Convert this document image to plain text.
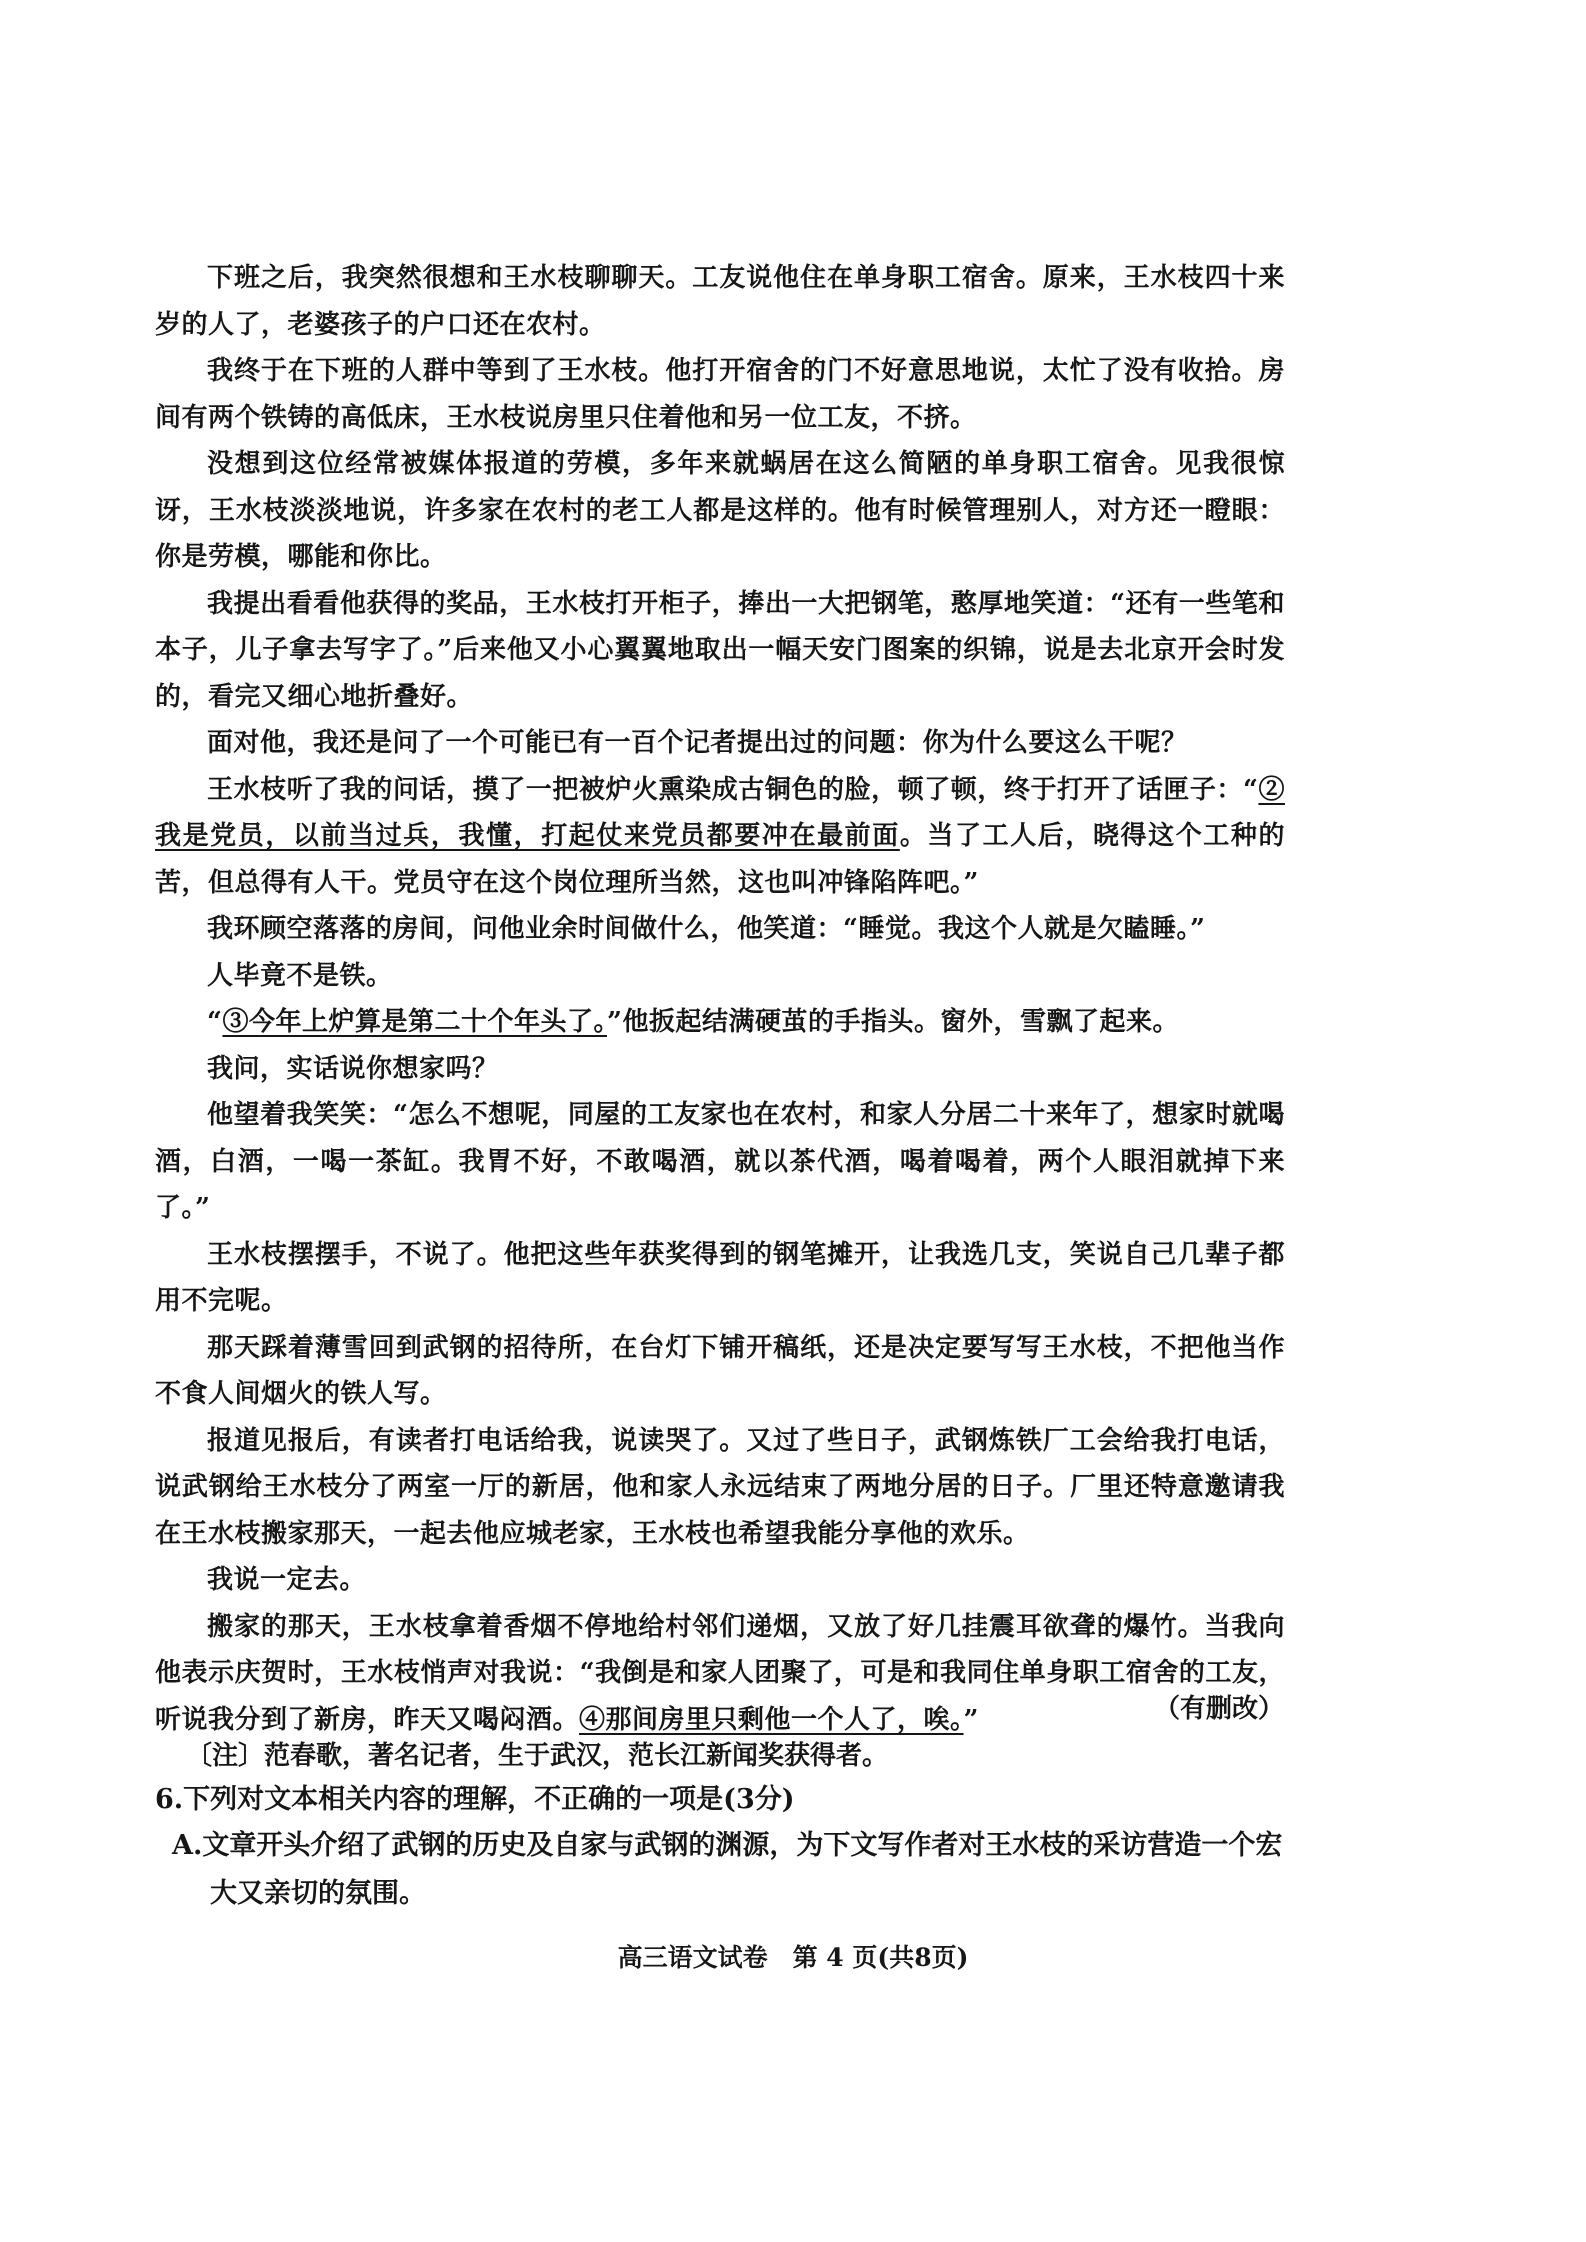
下班之后，我突然很想和王水枝聊聊天。工友说他住在单身职工宿舍。原来，王水枝四十来岁的人了，老婆孩子的户口还在农村。

我终于在下班的人群中等到了王水枝。他打开宿舍的门不好意思地说，太忙了没有收拾。房间有两个铁铸的高低床，王水枝说房里只住着他和另一位工友，不挤。

没想到这位经常被媒体报道的劳模，多年来就蜗居在这么简陋的单身职工宿舍。见我很惊讶，王水枝淡淡地说，许多家在农村的老工人都是这样的。他有时候管理别人，对方还一瞪眼：你是劳模，哪能和你比。

我提出看看他获得的奖品，王水枝打开柜子，捧出一大把钢笔，憨厚地笑道：“还有一些笔和本子，儿子拿去写字了。”后来他又小心翼翼地取出一幅天安门图案的织锦，说是去北京开会时发的，看完又细心地折叠好。

面对他，我还是问了一个可能已有一百个记者提出过的问题：你为什么要这么干呢？

王水枝听了我的问话，摸了一把被炉火熏染成古铜色的脸，顿了顿，终于打开了话匣子：“②我是党员，以前当过兵，我懂，打起仗来党员都要冲在最前面。当了工人后，晓得这个工种的苦，但总得有人干。党员守在这个岗位理所当然，这也叫冲锋陷阵吧。”

我环顾空落落的房间，问他业余时间做什么，他笑道：“睡觉。我这个人就是欠瞌睡。”

人毕竟不是铁。

“③今年上炉算是第二十个年头了。”他扳起结满硬茧的手指头。窗外，雪飘了起来。

我问，实话说你想家吗？

他望着我笑笑：“怎么不想呢，同屋的工友家也在农村，和家人分居二十来年了，想家时就喝酒，白酒，一喝一茶缸。我胃不好，不敢喝酒，就以茶代酒，喝着喝着，两个人眼泪就掉下来了。”

王水枝摆摆手，不说了。他把这些年获奖得到的钢笔摊开，让我选几支，笑说自己几辈子都用不完呢。

那天踩着薄雪回到武钢的招待所，在台灯下铺开稿纸，还是决定要写写王水枝，不把他当作不食人间烟火的铁人写。

报道见报后，有读者打电话给我，说读哭了。又过了些日子，武钢炼铁厂工会给我打电话，说武钢给王水枝分了两室一厅的新居，他和家人永远结束了两地分居的日子。厂里还特意邀请我在王水枝搬家那天，一起去他应城老家，王水枝也希望我能分享他的欢乐。

我说一定去。

搬家的那天，王水枝拿着香烟不停地给村邻们递烟，又放了好几挂震耳欲聋的爆竹。当我向他表示庆贺时，王水枝悄声对我说：“我倒是和家人团聚了，可是和我同住单身职工宿舍的工友，听说我分到了新房，昨天又喝闷酒。④那间房里只剩他一个人了，唉。”	（有删改）
〔注〕范春歌，著名记者，生于武汉，范长江新闻奖获得者。
6.下列对文本相关内容的理解，不正确的一项是(3分)
A.文章开头介绍了武钢的历史及自家与武钢的渊源，为下文写作者对王水枝的采访营造一个宏大又亲切的氛围。
高三语文试卷　第 4 页(共8页)
